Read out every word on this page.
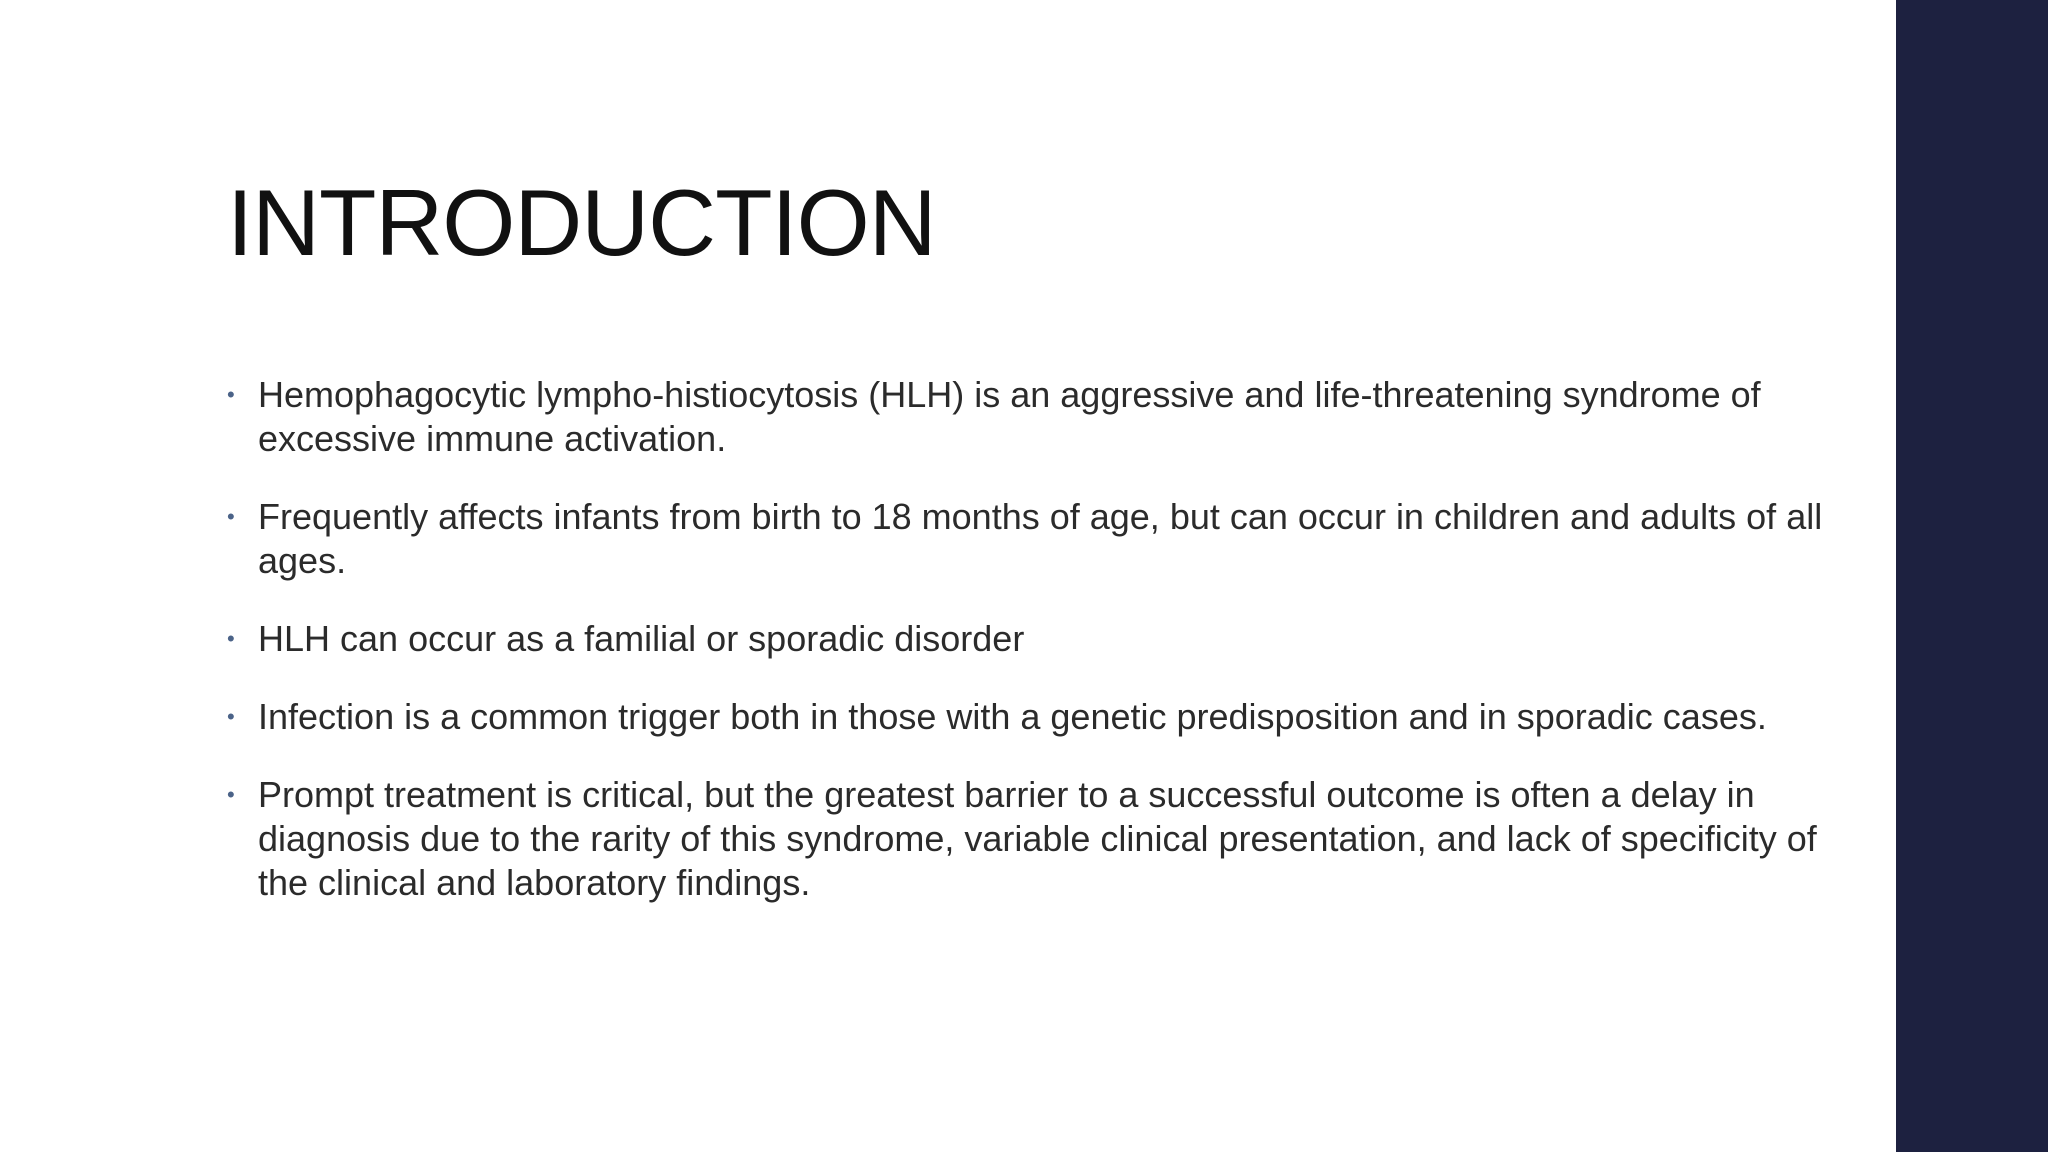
INTRODUCTION
• Hemophagocytic lympho-histiocytosis (HLH) is an aggressive and life-threatening syndrome of excessive immune activation.
• Frequently affects infants from birth to 18 months of age, but can occur in children and adults of all ages.
• HLH can occur as a familial or sporadic disorder
• Infection is a common trigger both in those with a genetic predisposition and in sporadic cases.
• Prompt treatment is critical, but the greatest barrier to a successful outcome is often a delay in diagnosis due to the rarity of this syndrome, variable clinical presentation, and lack of specificity of the clinical and laboratory findings.
